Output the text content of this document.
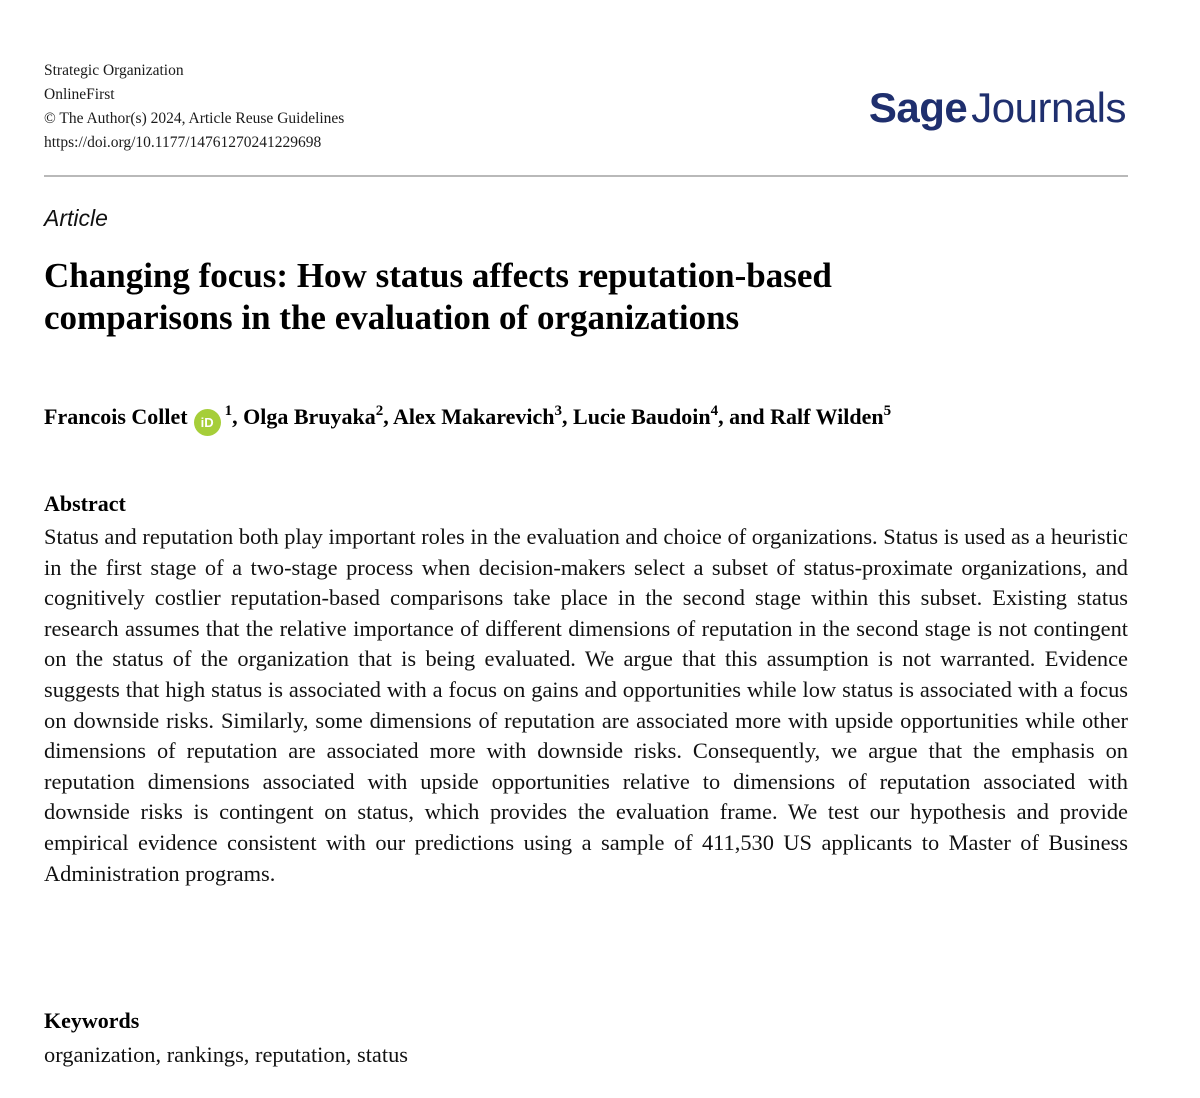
Strategic Organization
OnlineFirst
© The Author(s) 2024, Article Reuse Guidelines
https://doi.org/10.1177/14761270241229698
SageJournals
Article
Changing focus: How status affects reputation-based comparisons in the evaluation of organizations
Francois Collet $iD^1$, Olga Bruyaka$^2$, Alex Makarevich$^3$, Lucie Baudoin$^4$, and Ralf Wilden$^5$
Abstract

Status and reputation both play important roles in the evaluation and choice of organizations. Status is used as a heuristic in the first stage of a two-stage process when decision-makers select a subset of status-proximate organizations, and cognitively costlier reputation-based comparisons take place in the second stage within this subset. Existing status research assumes that the relative importance of different dimensions of reputation in the second stage is not contingent on the status of the organization that is being evaluated. We argue that this assumption is not warranted. Evidence suggests that high status is associated with a focus on gains and opportunities while low status is associated with a focus on downside risks. Similarly, some dimensions of reputation are associated more with upside opportunities while other dimensions of reputation are associated more with downside risks. Consequently, we argue that the emphasis on reputation dimensions associated with upside opportunities relative to dimensions of reputation associated with downside risks is contingent on status, which provides the evaluation frame. We test our hypothesis and provide empirical evidence consistent with our predictions using a sample of 411,530 US applicants to Master of Business Administration programs.

Keywords
organization, rankings, reputation, status
